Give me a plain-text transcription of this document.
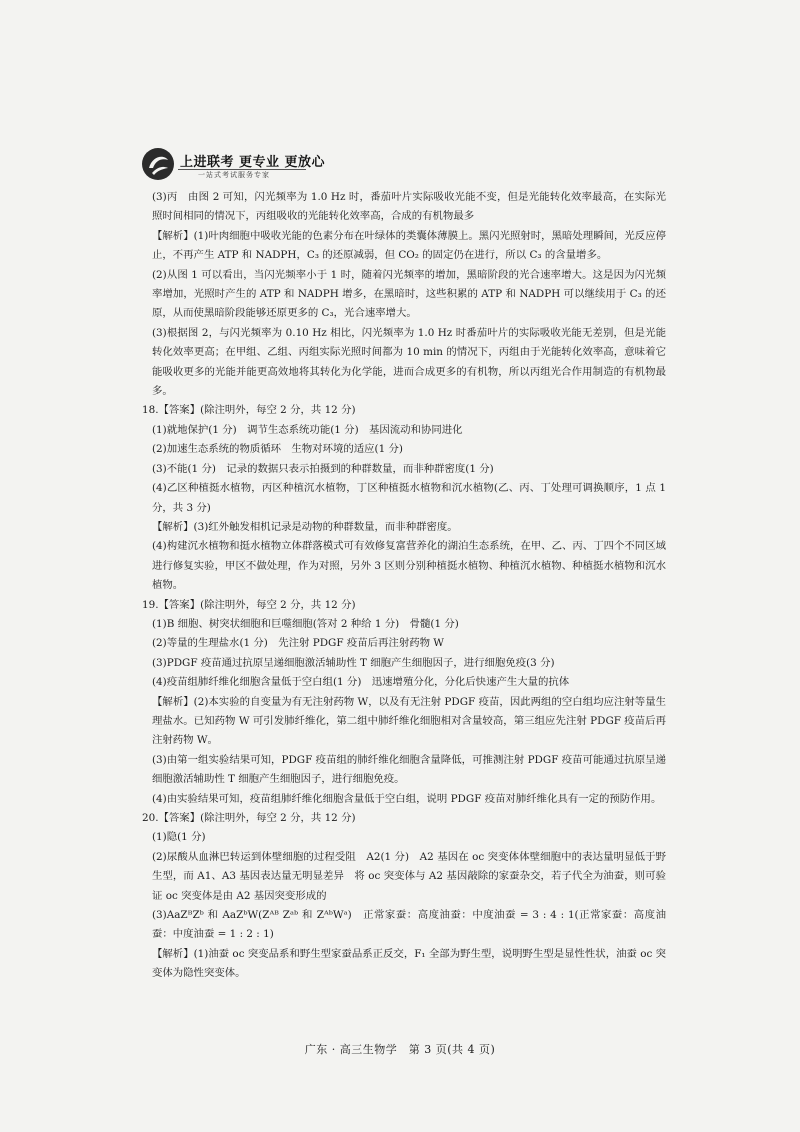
上进联考 更专业 更放心
一站式考试服务专家

(3)丙　由图 2 可知，闪光频率为 1.0 Hz 时，番茄叶片实际吸收光能不变，但是光能转化效率最高，在实际光照时间相同的情况下，丙组吸收的光能转化效率高，合成的有机物最多

【解析】(1)叶肉细胞中吸收光能的色素分布在叶绿体的类囊体薄膜上。黑闪光照射时，黑暗处理瞬间，光反应停止，不再产生 ATP 和 NADPH，C₃ 的还原减弱，但 CO₂ 的固定仍在进行，所以 C₃ 的含量增多。

(2)从图 1 可以看出，当闪光频率小于 1 时，随着闪光频率的增加，黑暗阶段的光合速率增大。这是因为闪光频率增加，光照时产生的 ATP 和 NADPH 增多，在黑暗时，这些积累的 ATP 和 NADPH 可以继续用于 C₃ 的还原，从而使黑暗阶段能够还原更多的 C₃，光合速率增大。

(3)根据图 2，与闪光频率为 0.10 Hz 相比，闪光频率为 1.0 Hz 时番茄叶片的实际吸收光能无差别，但是光能转化效率更高；在甲组、乙组、丙组实际光照时间都为 10 min 的情况下，丙组由于光能转化效率高，意味着它能吸收更多的光能并能更高效地将其转化为化学能，进而合成更多的有机物，所以丙组光合作用制造的有机物最多。

18.【答案】(除注明外，每空 2 分，共 12 分)

(1)就地保护(1 分)　调节生态系统功能(1 分)　基因流动和协同进化

(2)加速生态系统的物质循环　生物对环境的适应(1 分)

(3)不能(1 分)　记录的数据只表示拍摄到的种群数量，而非种群密度(1 分)

(4)乙区种植挺水植物，丙区种植沉水植物，丁区种植挺水植物和沉水植物(乙、丙、丁处理可调换顺序，1 点 1 分，共 3 分)

【解析】(3)红外触发相机记录是动物的种群数量，而非种群密度。

(4)构建沉水植物和挺水植物立体群落模式可有效修复富营养化的湖泊生态系统，在甲、乙、丙、丁四个不同区域进行修复实验，甲区不做处理，作为对照，另外 3 区则分别种植挺水植物、种植沉水植物、种植挺水植物和沉水植物。

19.【答案】(除注明外，每空 2 分，共 12 分)

(1)B 细胞、树突状细胞和巨噬细胞(答对 2 种给 1 分)　骨髓(1 分)

(2)等量的生理盐水(1 分)　先注射 PDGF 疫苗后再注射药物 W

(3)PDGF 疫苗通过抗原呈递细胞激活辅助性 T 细胞产生细胞因子，进行细胞免疫(3 分)

(4)疫苗组肺纤维化细胞含量低于空白组(1 分)　迅速增殖分化，分化后快速产生大量的抗体

【解析】(2)本实验的自变量为有无注射药物 W，以及有无注射 PDGF 疫苗，因此两组的空白组均应注射等量生理盐水。已知药物 W 可引发肺纤维化，第二组中肺纤维化细胞相对含量较高，第三组应先注射 PDGF 疫苗后再注射药物 W。

(3)由第一组实验结果可知，PDGF 疫苗组的肺纤维化细胞含量降低，可推测注射 PDGF 疫苗可能通过抗原呈递细胞激活辅助性 T 细胞产生细胞因子，进行细胞免疫。

(4)由实验结果可知，疫苗组肺纤维化细胞含量低于空白组，说明 PDGF 疫苗对肺纤维化具有一定的预防作用。

20.【答案】(除注明外，每空 2 分，共 12 分)

(1)隐(1 分)

(2)尿酸从血淋巴转运到体壁细胞的过程受阻　A2(1 分)　A2 基因在 oc 突变体体壁细胞中的表达量明显低于野生型，而 A1、A3 基因表达量无明显差异　将 oc 突变体与 A2 基因敲除的家蚕杂交，若子代全为油蚕，则可验证 oc 突变体是由 A2 基因突变形成的

(3)AaZᴮZᵇ 和 AaZᵇW(Zᴬᴮ Zᵃᵇ 和 ZᴬᵇWᵃ)　正常家蚕：高度油蚕：中度油蚕 = 3 : 4 : 1(正常家蚕：高度油蚕：中度油蚕 = 1 : 2 : 1)

【解析】(1)油蚕 oc 突变品系和野生型家蚕品系正反交，F₁ 全部为野生型，说明野生型是显性性状，油蚕 oc 突变体为隐性突变体。

广东 · 高三生物学　第 3 页(共 4 页)
